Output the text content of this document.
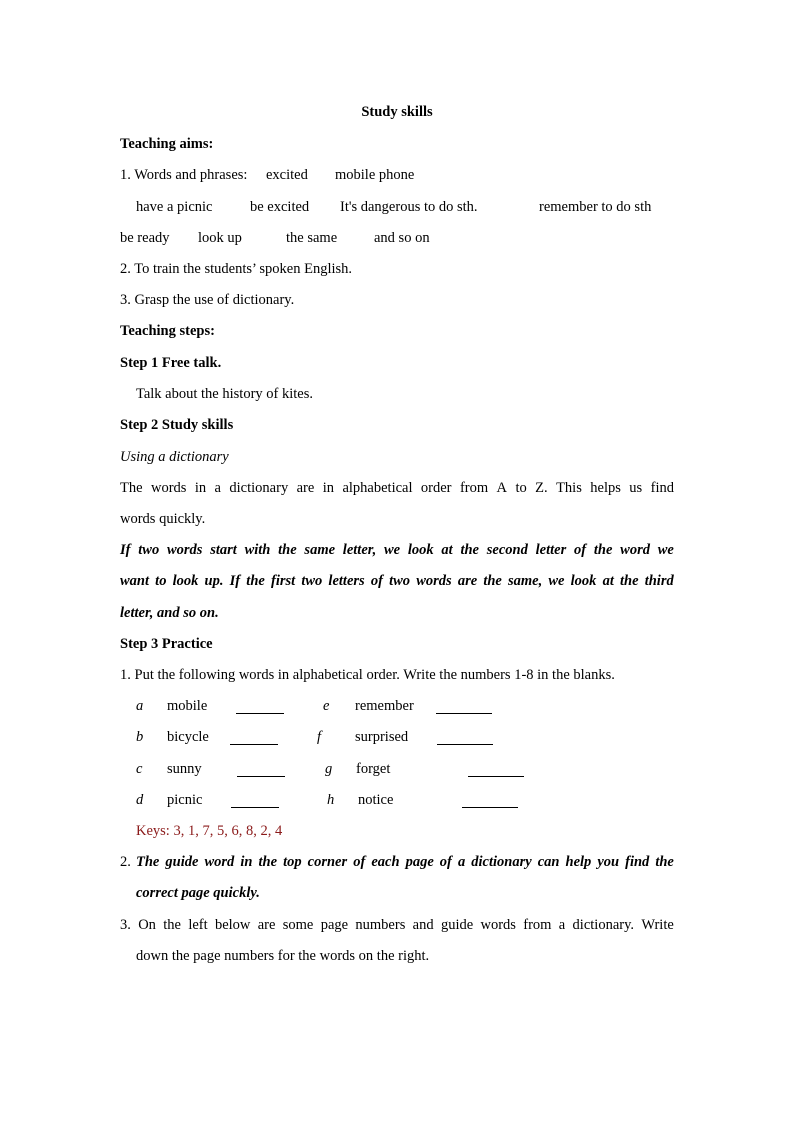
Study skills
Teaching aims:
1. Words and phrases: excited mobile phone
have a picnic	be excited It's dangerous to do sth.	remember to do sth
be ready look up	the same	and so on
2. To train the students’ spoken English.
3. Grasp the use of dictionary.
Teaching steps:
Step 1 Free talk.
Talk about the history of kites.
Step 2 Study skills
Using a dictionary
The words in a dictionary are in alphabetical order from A to Z. This helps us find
words quickly.
If two words start with the same letter, we look at the second letter of the word we
want to look up. If the first two letters of two words are the same, we look at the third
letter, and so on.
Step 3 Practice
1. Put the following words in alphabetical order. Write the numbers 1-8 in the blanks.
a mobile	e remember
b bicycle	f surprised
c sunny	g forget
d picnic	h notice
Keys: 3, 1, 7, 5, 6, 8, 2, 4
2. The guide word in the top corner of each page of a dictionary can help you find the
correct page quickly.
3. On the left below are some page numbers and guide words from a dictionary. Write
down the page numbers for the words on the right.
